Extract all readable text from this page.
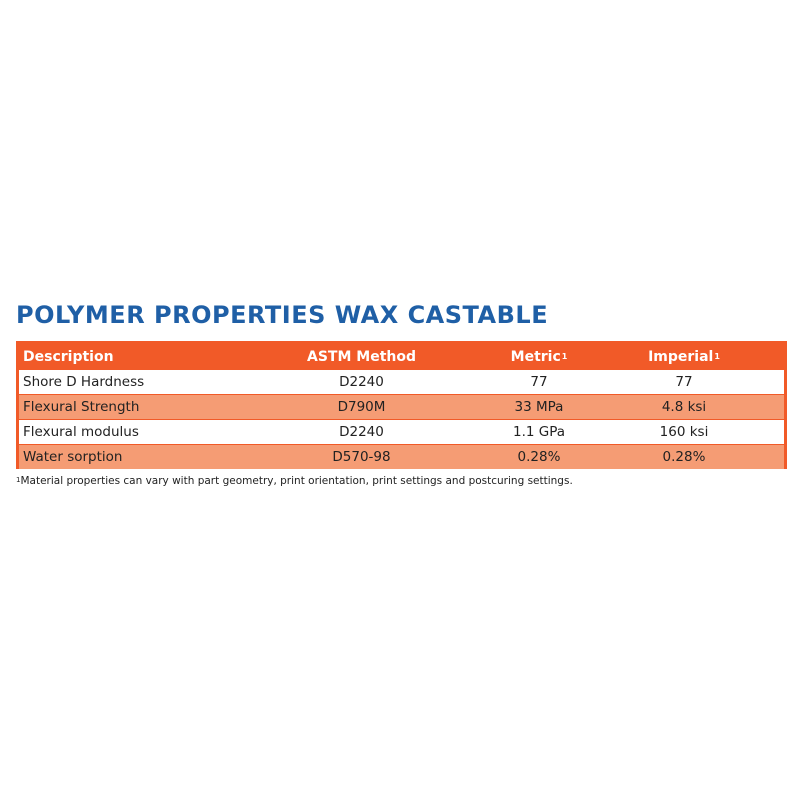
POLYMER PROPERTIES WAX CASTABLE
Description	ASTM Method	Metric 1	Imperial 1
Shore D Hardness	D2240	77	77
Flexural Strength	D790M	33 MPa	4.8 ksi
Flexural modulus	D2240	1.1 GPa	160 ksi
Water sorption	D570-98	0.28%	0.28%
1 Material properties can vary with part geometry, print orientation, print settings and postcuring settings.
